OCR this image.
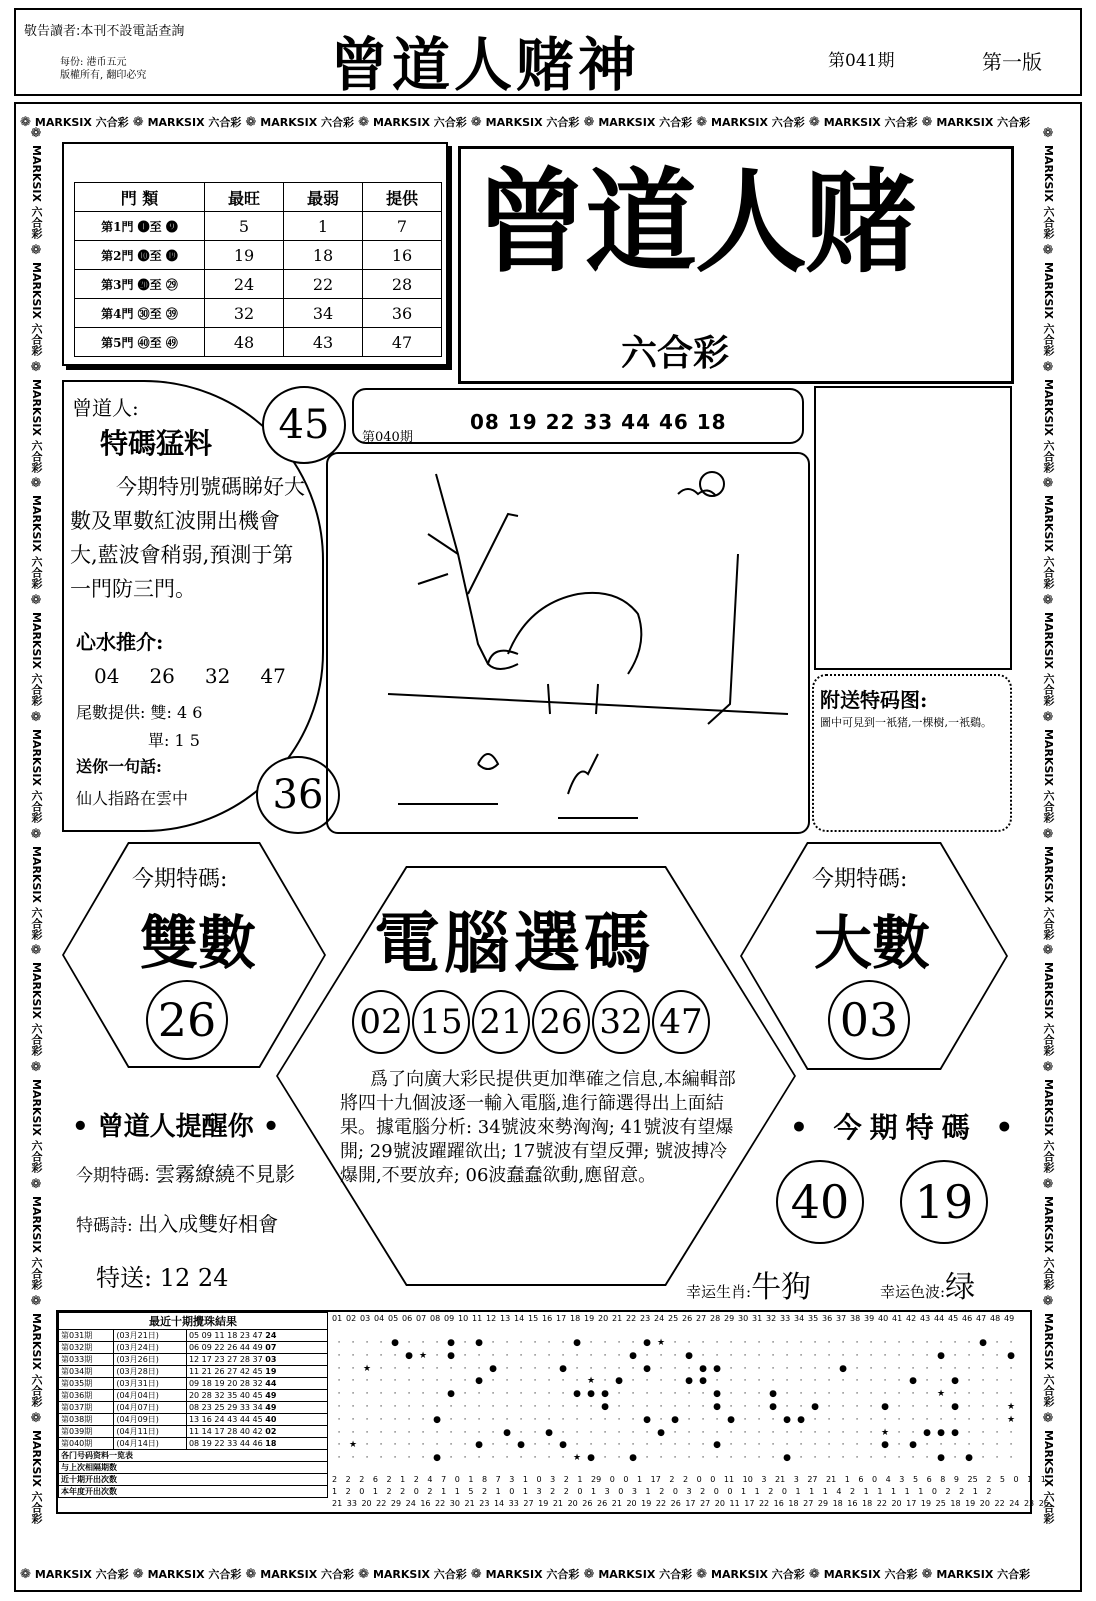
敬告讀者:本刊不設電話查詢
每份: 港币五元
版權所有, 翻印必究	曾道人赌神	第041期	第一版
❁ MARKSIX 六合彩 ❁ MARKSIX 六合彩 ❁ MARKSIX 六合彩 ❁ MARKSIX 六合彩 ❁ MARKSIX 六合彩 ❁ MARKSIX 六合彩 ❁ MARKSIX 六合彩 ❁ MARKSIX 六合彩 ❁ MARKSIX 六合彩
❁ MARKSIX 六合彩 ❁ MARKSIX 六合彩 ❁ MARKSIX 六合彩 ❁ MARKSIX 六合彩 ❁ MARKSIX 六合彩 ❁ MARKSIX 六合彩 ❁ MARKSIX 六合彩 ❁ MARKSIX 六合彩 ❁ MARKSIX 六合彩
❁
MARKSIX 六合彩
❁
MARKSIX 六合彩
❁
MARKSIX 六合彩
❁
MARKSIX 六合彩
❁
MARKSIX 六合彩
❁
MARKSIX 六合彩
❁
MARKSIX 六合彩
❁
MARKSIX 六合彩
❁
MARKSIX 六合彩
❁
MARKSIX 六合彩
❁
MARKSIX 六合彩
❁
MARKSIX 六合彩
❁
MARKSIX 六合彩
❁
MARKSIX 六合彩
❁
MARKSIX 六合彩
❁
MARKSIX 六合彩
❁
MARKSIX 六合彩
❁
MARKSIX 六合彩
❁
MARKSIX 六合彩
❁
MARKSIX 六合彩
❁
MARKSIX 六合彩
❁
MARKSIX 六合彩
❁
MARKSIX 六合彩
❁
MARKSIX 六合彩
門 類	最旺	最弱	提供
第1門 ❶至 ❾	5	1	7
第2門 ❿至 ⓳	19	18	16
第3門 ⓴至 ㉙	24	22	28
第4門 ㉚至 ㊴	32	34	36
第5門 ㊵至 ㊾	48	43	47
曾道人赌
六合彩
曾道人:
特碼猛料
今期特別號碼睇好大數及單數紅波開出機會大,藍波會稍弱,預測于第一門防三門。
心水推介:
04 26 32 47
尾數提供: 雙: 4 6
單: 1 5
送你一句話:
仙人指路在雲中
45
36
第040期
08 19 22 33 44 46 18
附送特码图:
圖中可見到一衹猪,一棵樹,一衹鷄。
今期特碼:
雙數
26
今期特碼:
大數
03
電腦選碼
02 15 21 26 32 47
爲了向廣大彩民提供更加準確之信息,本編輯部將四十九個波逐一輸入電腦,進行篩選得出上面結果。據電腦分析: 34號波來勢洶洶; 41號波有望爆開; 29號波躍躍欲出; 17號波有望反彈; 號波搏冷爆開,不要放弃; 06波蠢蠢欲動,應留意。
• 曾道人提醒你 •
今期特碼: 雲霧繚繞不見影
特碼詩: 出入成雙好相會
特送: 12 24
• 今期特碼 •
40	19
幸运生肖:牛狗	幸运色波:绿
最近十期攪珠結果		
第031期	(03月21日)	05 09 11 18 23 47 24
第032期	(03月24日)	06 09 22 26 44 49 07
第033期	(03月26日)	12 17 23 27 28 37 03
第034期	(03月28日)	11 21 26 27 42 45 19
第035期	(03月31日)	09 18 19 20 28 32 44
第036期	(04月04日)	20 28 32 35 40 45 49
第037期	(04月07日)	08 23 25 29 33 34 49
第038期	(04月09日)	13 16 24 43 44 45 40
第039期	(04月11日)	11 14 17 28 40 42 02
第040期	(04月14日)	08 19 22 33 44 46 18
各门号码资料一览表		
与上次相隔期数		
近十期开出次数		
本年度开出次数		
01 02 03 04 05 06 07 08 09 10 11 12 13 14 15 16 17 18 19 20 21 22 23 24 25 26 27 28 29 30 31 32 33 34 35 36 37 38 39 40 41 42 43 44 45 46 47 48 49
· · · · ● · · · ● · ● · · · · · · ● · · · · ● ★ · · · · · · · · · · · · · · · · · · · · · · ● · ·
· · · · · ● ★ · ● · · · · · · · · · · · · ● · · · ● · · · · · · · · · · · · · · · · · ● · · · · ●
· · ★ · · · · · · · · ● · · · · ● · · · · · ● · · · ● ● · · · · · · · · ● · · · · · · · · · · · ·
· · · · · · · · · · ● · · · · · · · ★ · ● · · · · ● ● · · · · · · · · · · · · · · ● · · ● · · · ·
· · · · · · · · ● · · · · · · · · ● ● ● · · · · · · · ● · · · ● · · · · · · · · · · · ★ · · · · ·
· · · · · · · · · · · · · · · · · · · ● · · · · · · · ● · · · ● · · ● · · · · ● · · · · ● · · · ★
· · · · · · · ● · · · · · · · · · · · · · · ● · ● · · · ● · · · ● ● · · · · · · · · · · · · · · ★
· · · · · · · · · · · · ● · · ● · · · · · · · ● · · · · · · · · · · · · · · · ★ · · ● ● ● · · · ·
· ★ · · · · · · · · ● · · ● · · ● · · · · · · · · · · ● · · · · · · · · · · · ● · ● · · · · · · ·
· · · · · · · ● · · · · · · · · · ★ ● · · ● · · · · · · · · · · ● · · · · · · · · · · ● · ● · · ·

2 2 2 6 2 1 2 4 7 0 1 8 7 3 1 0 3 2 1 29 0 0 1 17 2 2 0 0 11 10 3 21 3 27 21 1 6 0 4 3 5 6 8 9 25 2 5 0 1 1
1 2 0 1 2 2 0 2 1 1 5 2 1 0 1 3 2 2 0 1 3 0 3 1 2 0 3 2 0 0 1 1 2 0 1 1 1 4 2 1 1 1 1 1 0 2 2 1 2
21 33 20 22 29 24 16 22 30 21 23 14 33 27 19 21 20 26 26 21 20 19 22 26 17 27 20 11 17 22 16 18 27 29 18 16 18 22 20 17 19 25 18 19 20 22 24 23 26
